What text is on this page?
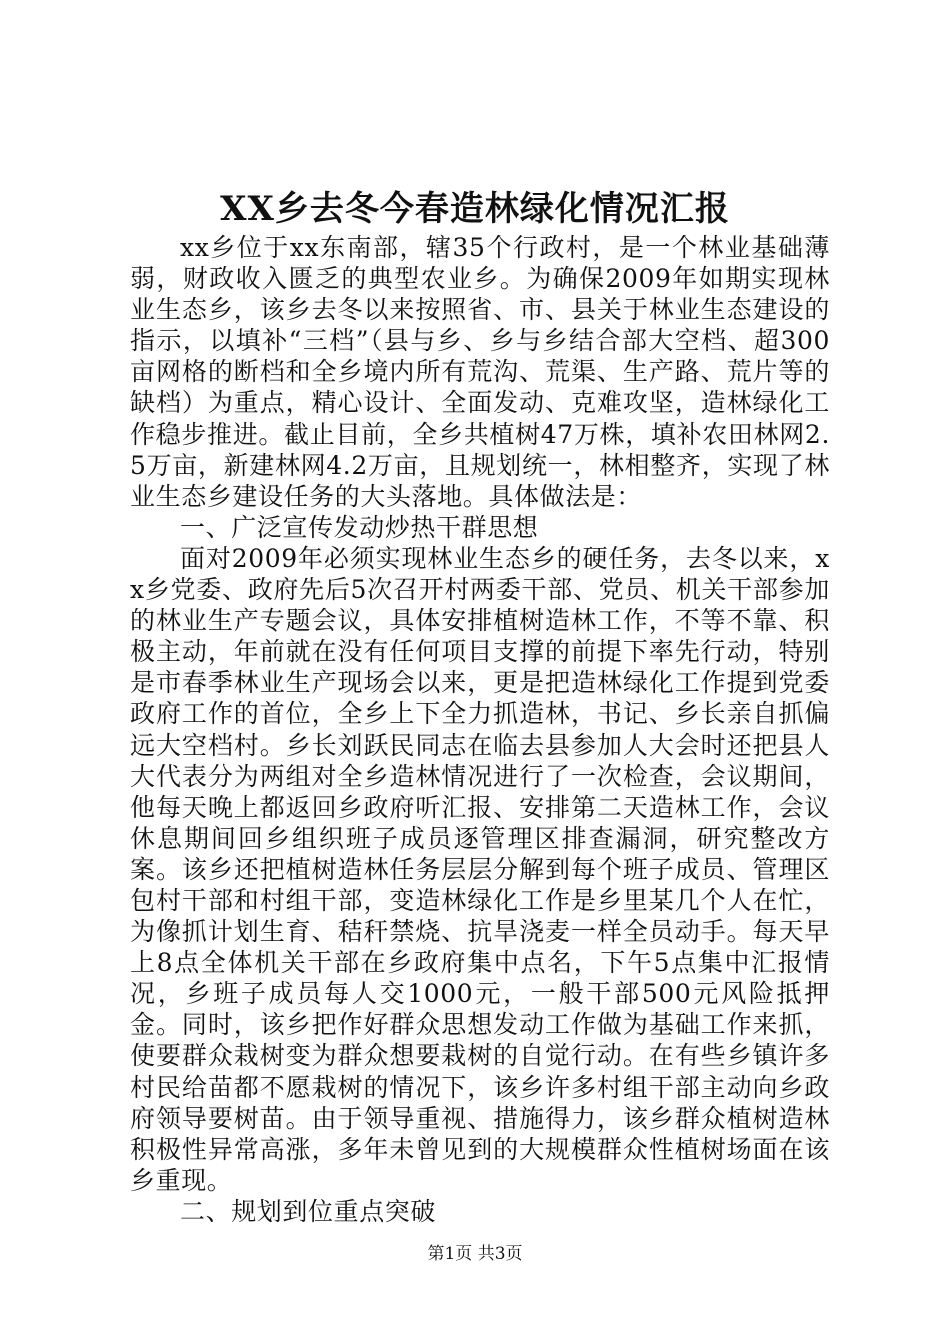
XX乡去冬今春造林绿化情况汇报

xx乡位于xx东南部，辖35个行政村，是一个林业基础薄弱，财政收入匮乏的典型农业乡。为确保2009年如期实现林业生态乡，该乡去冬以来按照省、市、县关于林业生态建设的指示，以填补“三档”（县与乡、乡与乡结合部大空档、超300亩网格的断档和全乡境内所有荒沟、荒渠、生产路、荒片等的缺档）为重点，精心设计、全面发动、克难攻坚，造林绿化工作稳步推进。截止目前，全乡共植树47万株，填补农田林网2.5万亩，新建林网4.2万亩，且规划统一，林相整齐，实现了林业生态乡建设任务的大头落地。具体做法是：

一、广泛宣传发动炒热干群思想

面对2009年必须实现林业生态乡的硬任务，去冬以来，xx乡党委、政府先后5次召开村两委干部、党员、机关干部参加的林业生产专题会议，具体安排植树造林工作，不等不靠、积极主动，年前就在没有任何项目支撑的前提下率先行动，特别是市春季林业生产现场会以来，更是把造林绿化工作提到党委政府工作的首位，全乡上下全力抓造林，书记、乡长亲自抓偏远大空档村。乡长刘跃民同志在临去县参加人大会时还把县人大代表分为两组对全乡造林情况进行了一次检查，会议期间，他每天晚上都返回乡政府听汇报、安排第二天造林工作，会议休息期间回乡组织班子成员逐管理区排查漏洞，研究整改方案。该乡还把植树造林任务层层分解到每个班子成员、管理区包村干部和村组干部，变造林绿化工作是乡里某几个人在忙，为像抓计划生育、秸秆禁烧、抗旱浇麦一样全员动手。每天早上8点全体机关干部在乡政府集中点名，下午5点集中汇报情况，乡班子成员每人交1000元，一般干部500元风险抵押金。同时，该乡把作好群众思想发动工作做为基础工作来抓，使要群众栽树变为群众想要栽树的自觉行动。在有些乡镇许多村民给苗都不愿栽树的情况下，该乡许多村组干部主动向乡政府领导要树苗。由于领导重视、措施得力，该乡群众植树造林积极性异常高涨，多年未曾见到的大规模群众性植树场面在该乡重现。

二、规划到位重点突破

第1页 共3页
